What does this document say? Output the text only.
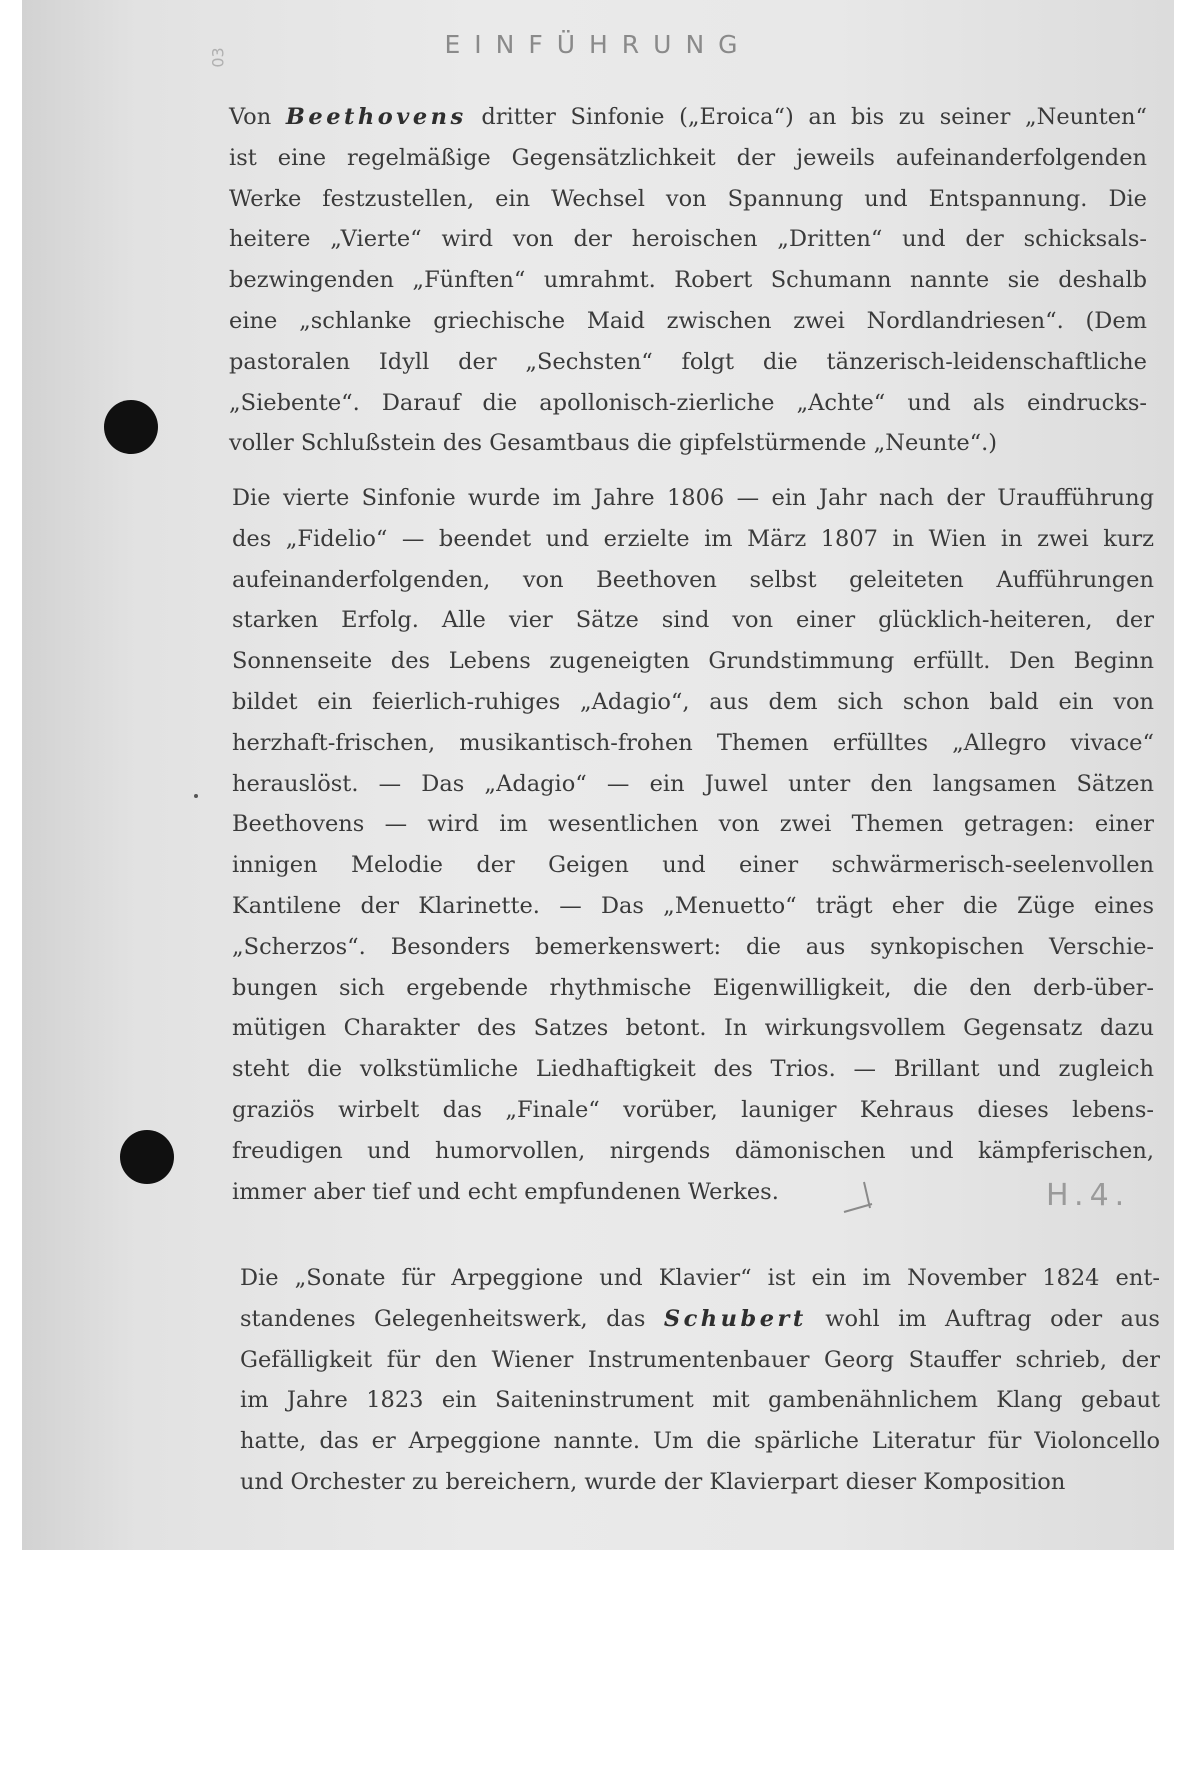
03	EINFÜHRUNG
Von Beethovens dritter Sinfonie („Eroica“) an bis zu seiner „Neunten“
ist eine regelmäßige Gegensätzlichkeit der jeweils aufeinanderfolgenden
Werke festzustellen, ein Wechsel von Spannung und Entspannung. Die
heitere „Vierte“ wird von der heroischen „Dritten“ und der schicksals-
bezwingenden „Fünften“ umrahmt. Robert Schumann nannte sie deshalb
eine „schlanke griechische Maid zwischen zwei Nordlandriesen“. (Dem
pastoralen Idyll der „Sechsten“ folgt die tänzerisch-leidenschaftliche
„Siebente“. Darauf die apollonisch-zierliche „Achte“ und als eindrucks-
voller Schlußstein des Gesamtbaus die gipfelstürmende „Neunte“.)
Die vierte Sinfonie wurde im Jahre 1806 — ein Jahr nach der Uraufführung
des „Fidelio“ — beendet und erzielte im März 1807 in Wien in zwei kurz
aufeinanderfolgenden, von Beethoven selbst geleiteten Aufführungen
starken Erfolg. Alle vier Sätze sind von einer glücklich-heiteren, der
Sonnenseite des Lebens zugeneigten Grundstimmung erfüllt. Den Beginn
bildet ein feierlich-ruhiges „Adagio“, aus dem sich schon bald ein von
herzhaft-frischen, musikantisch-frohen Themen erfülltes „Allegro vivace“
herauslöst. — Das „Adagio“ — ein Juwel unter den langsamen Sätzen
Beethovens — wird im wesentlichen von zwei Themen getragen: einer
innigen Melodie der Geigen und einer schwärmerisch-seelenvollen
Kantilene der Klarinette. — Das „Menuetto“ trägt eher die Züge eines
„Scherzos“. Besonders bemerkenswert: die aus synkopischen Verschie-
bungen sich ergebende rhythmische Eigenwilligkeit, die den derb-über-
mütigen Charakter des Satzes betont. In wirkungsvollem Gegensatz dazu
steht die volkstümliche Liedhaftigkeit des Trios. — Brillant und zugleich
graziös wirbelt das „Finale“ vorüber, launiger Kehraus dieses lebens-
freudigen und humorvollen, nirgends dämonischen und kämpferischen,
immer aber tief und echt empfundenen Werkes.
Die „Sonate für Arpeggione und Klavier“ ist ein im November 1824 ent-
standenes Gelegenheitswerk, das Schubert wohl im Auftrag oder aus
Gefälligkeit für den Wiener Instrumentenbauer Georg Stauffer schrieb, der
im Jahre 1823 ein Saiteninstrument mit gambenähnlichem Klang gebaut
hatte, das er Arpeggione nannte. Um die spärliche Literatur für Violoncello
und Orchester zu bereichern, wurde der Klavierpart dieser Komposition
H.4.
